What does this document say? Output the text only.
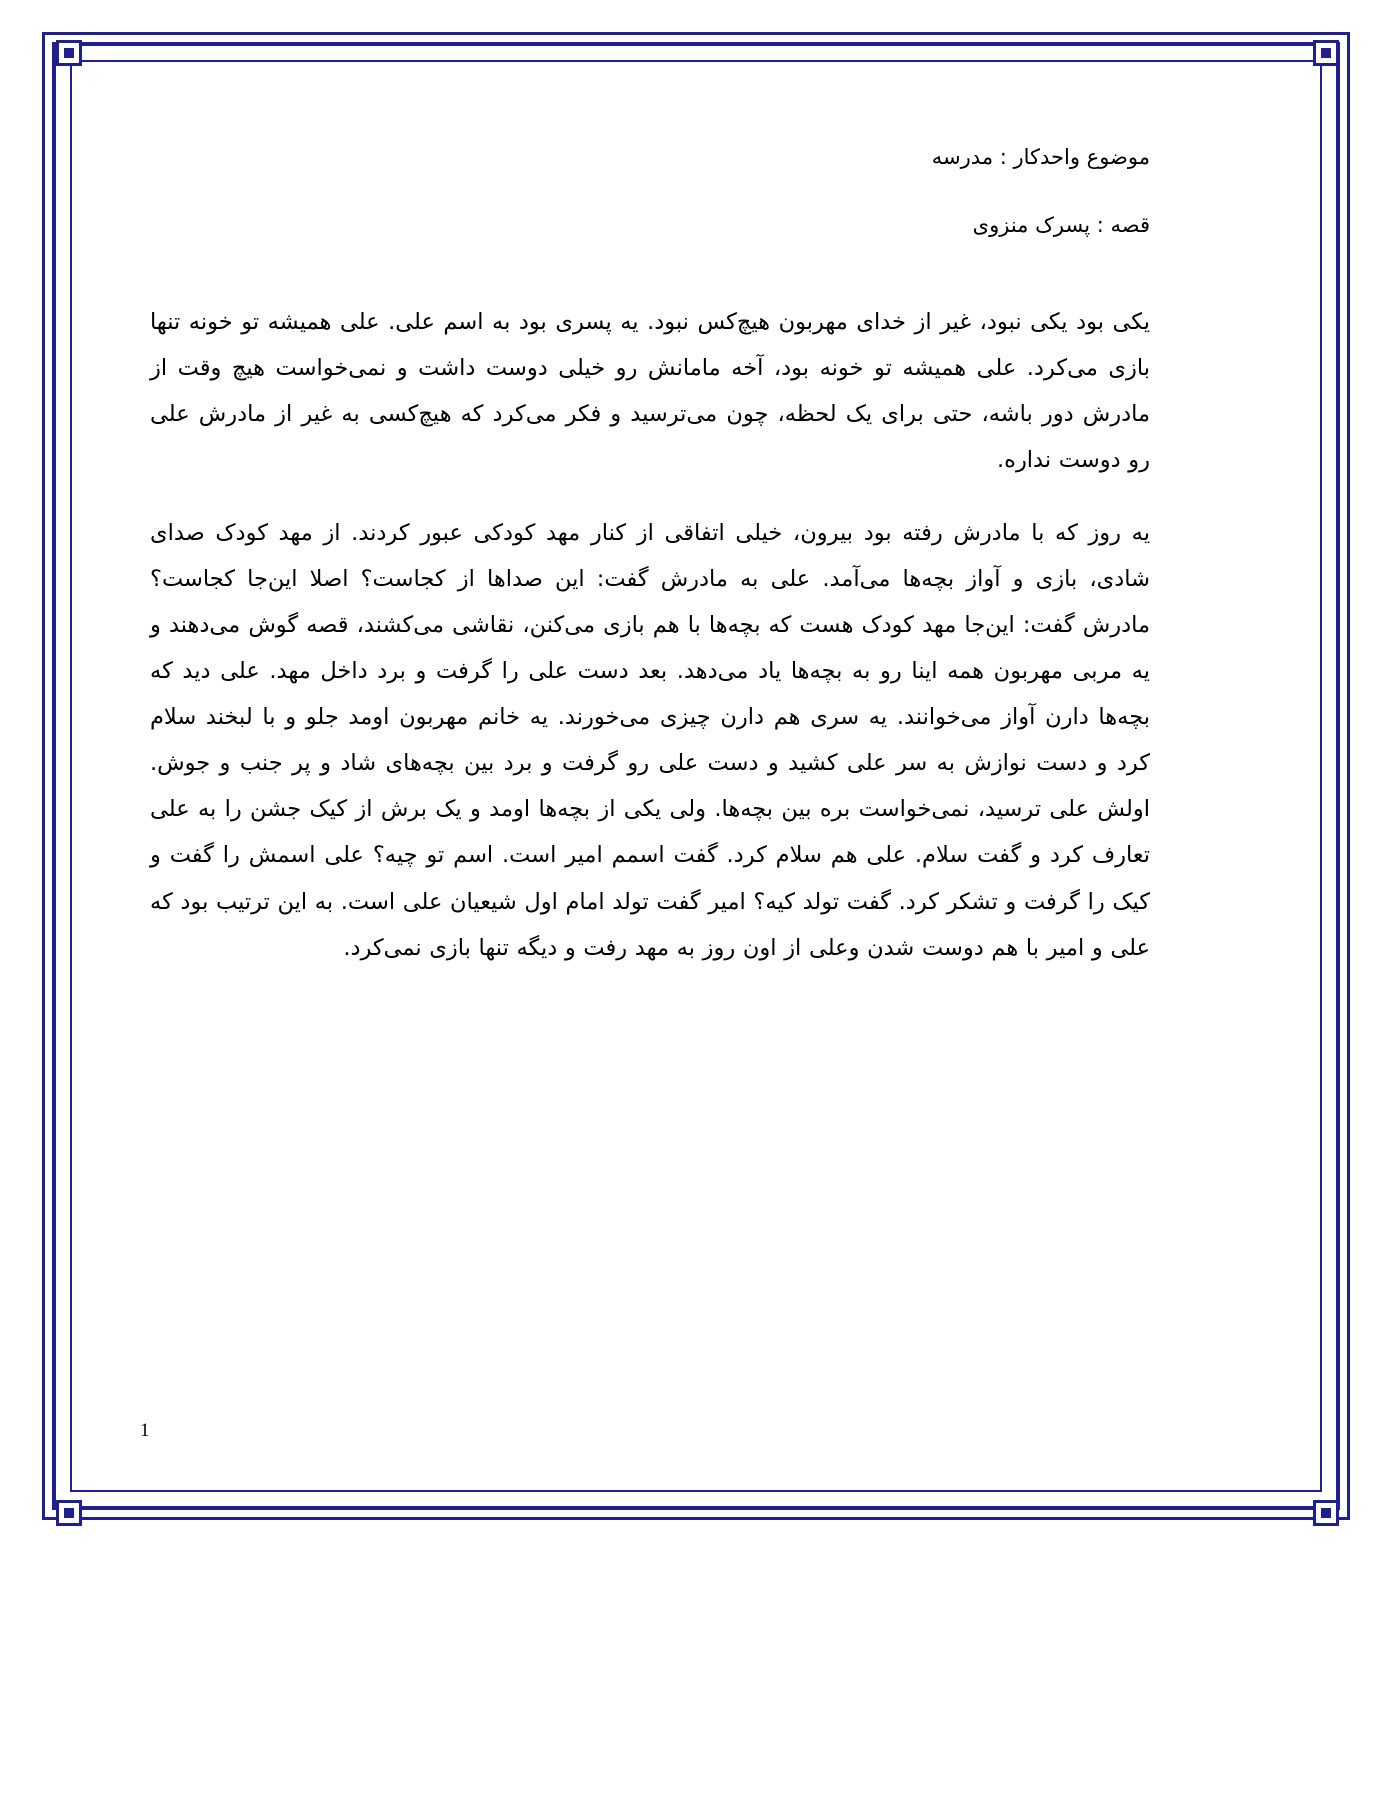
موضوع واحدکار : مدرسه

قصه : پسرک منزوی

یکی بود یکی نبود، غیر از خدای مهربون هیچ‌کس نبود. یه پسری بود به اسم علی. علی همیشه تو خونه تنها بازی می‌کرد. علی همیشه تو خونه بود، آخه مامانش رو خیلی دوست داشت و نمی‌خواست هیچ وقت از مادرش دور باشه، حتی برای یک لحظه، چون می‌ترسید و فکر می‌کرد که هیچ‌کسی به غیر از مادرش علی رو دوست نداره.

یه روز که با مادرش رفته بود بیرون، خیلی اتفاقی از کنار مهد کودکی عبور کردند. از مهد کودک صدای شادی، بازی و آواز بچه‌ها می‌آمد. علی به مادرش گفت: این صداها از کجاست؟ اصلا این‌جا کجاست؟ مادرش گفت: این‌جا مهد کودک هست که بچه‌ها با هم بازی می‌کنن، نقاشی می‌کشند، قصه گوش می‌دهند و یه مربی مهربون همه اینا رو به بچه‌ها یاد می‌دهد. بعد دست علی را گرفت و برد داخل مهد. علی دید که بچه‌ها دارن آواز می‌خوانند. یه سری هم دارن چیزی می‌خورند. یه خانم مهربون اومد جلو و با لبخند سلام کرد و دست نوازش به سر علی کشید و دست علی رو گرفت و برد بین بچه‌های شاد و پر جنب و جوش. اولش علی ترسید، نمی‌خواست بره بین بچه‌ها. ولی یکی از بچه‌ها اومد و یک برش از کیک جشن را به علی تعارف کرد و گفت سلام. علی هم سلام کرد. گفت اسمم امیر است. اسم تو چیه؟ علی اسمش را گفت و کیک را گرفت و تشکر کرد. گفت تولد کیه؟ امیر گفت تولد امام اول شیعیان علی است. به این ترتیب بود که علی و امیر با هم دوست شدن وعلی از اون روز به مهد رفت و دیگه تنها بازی نمی‌کرد.

1
